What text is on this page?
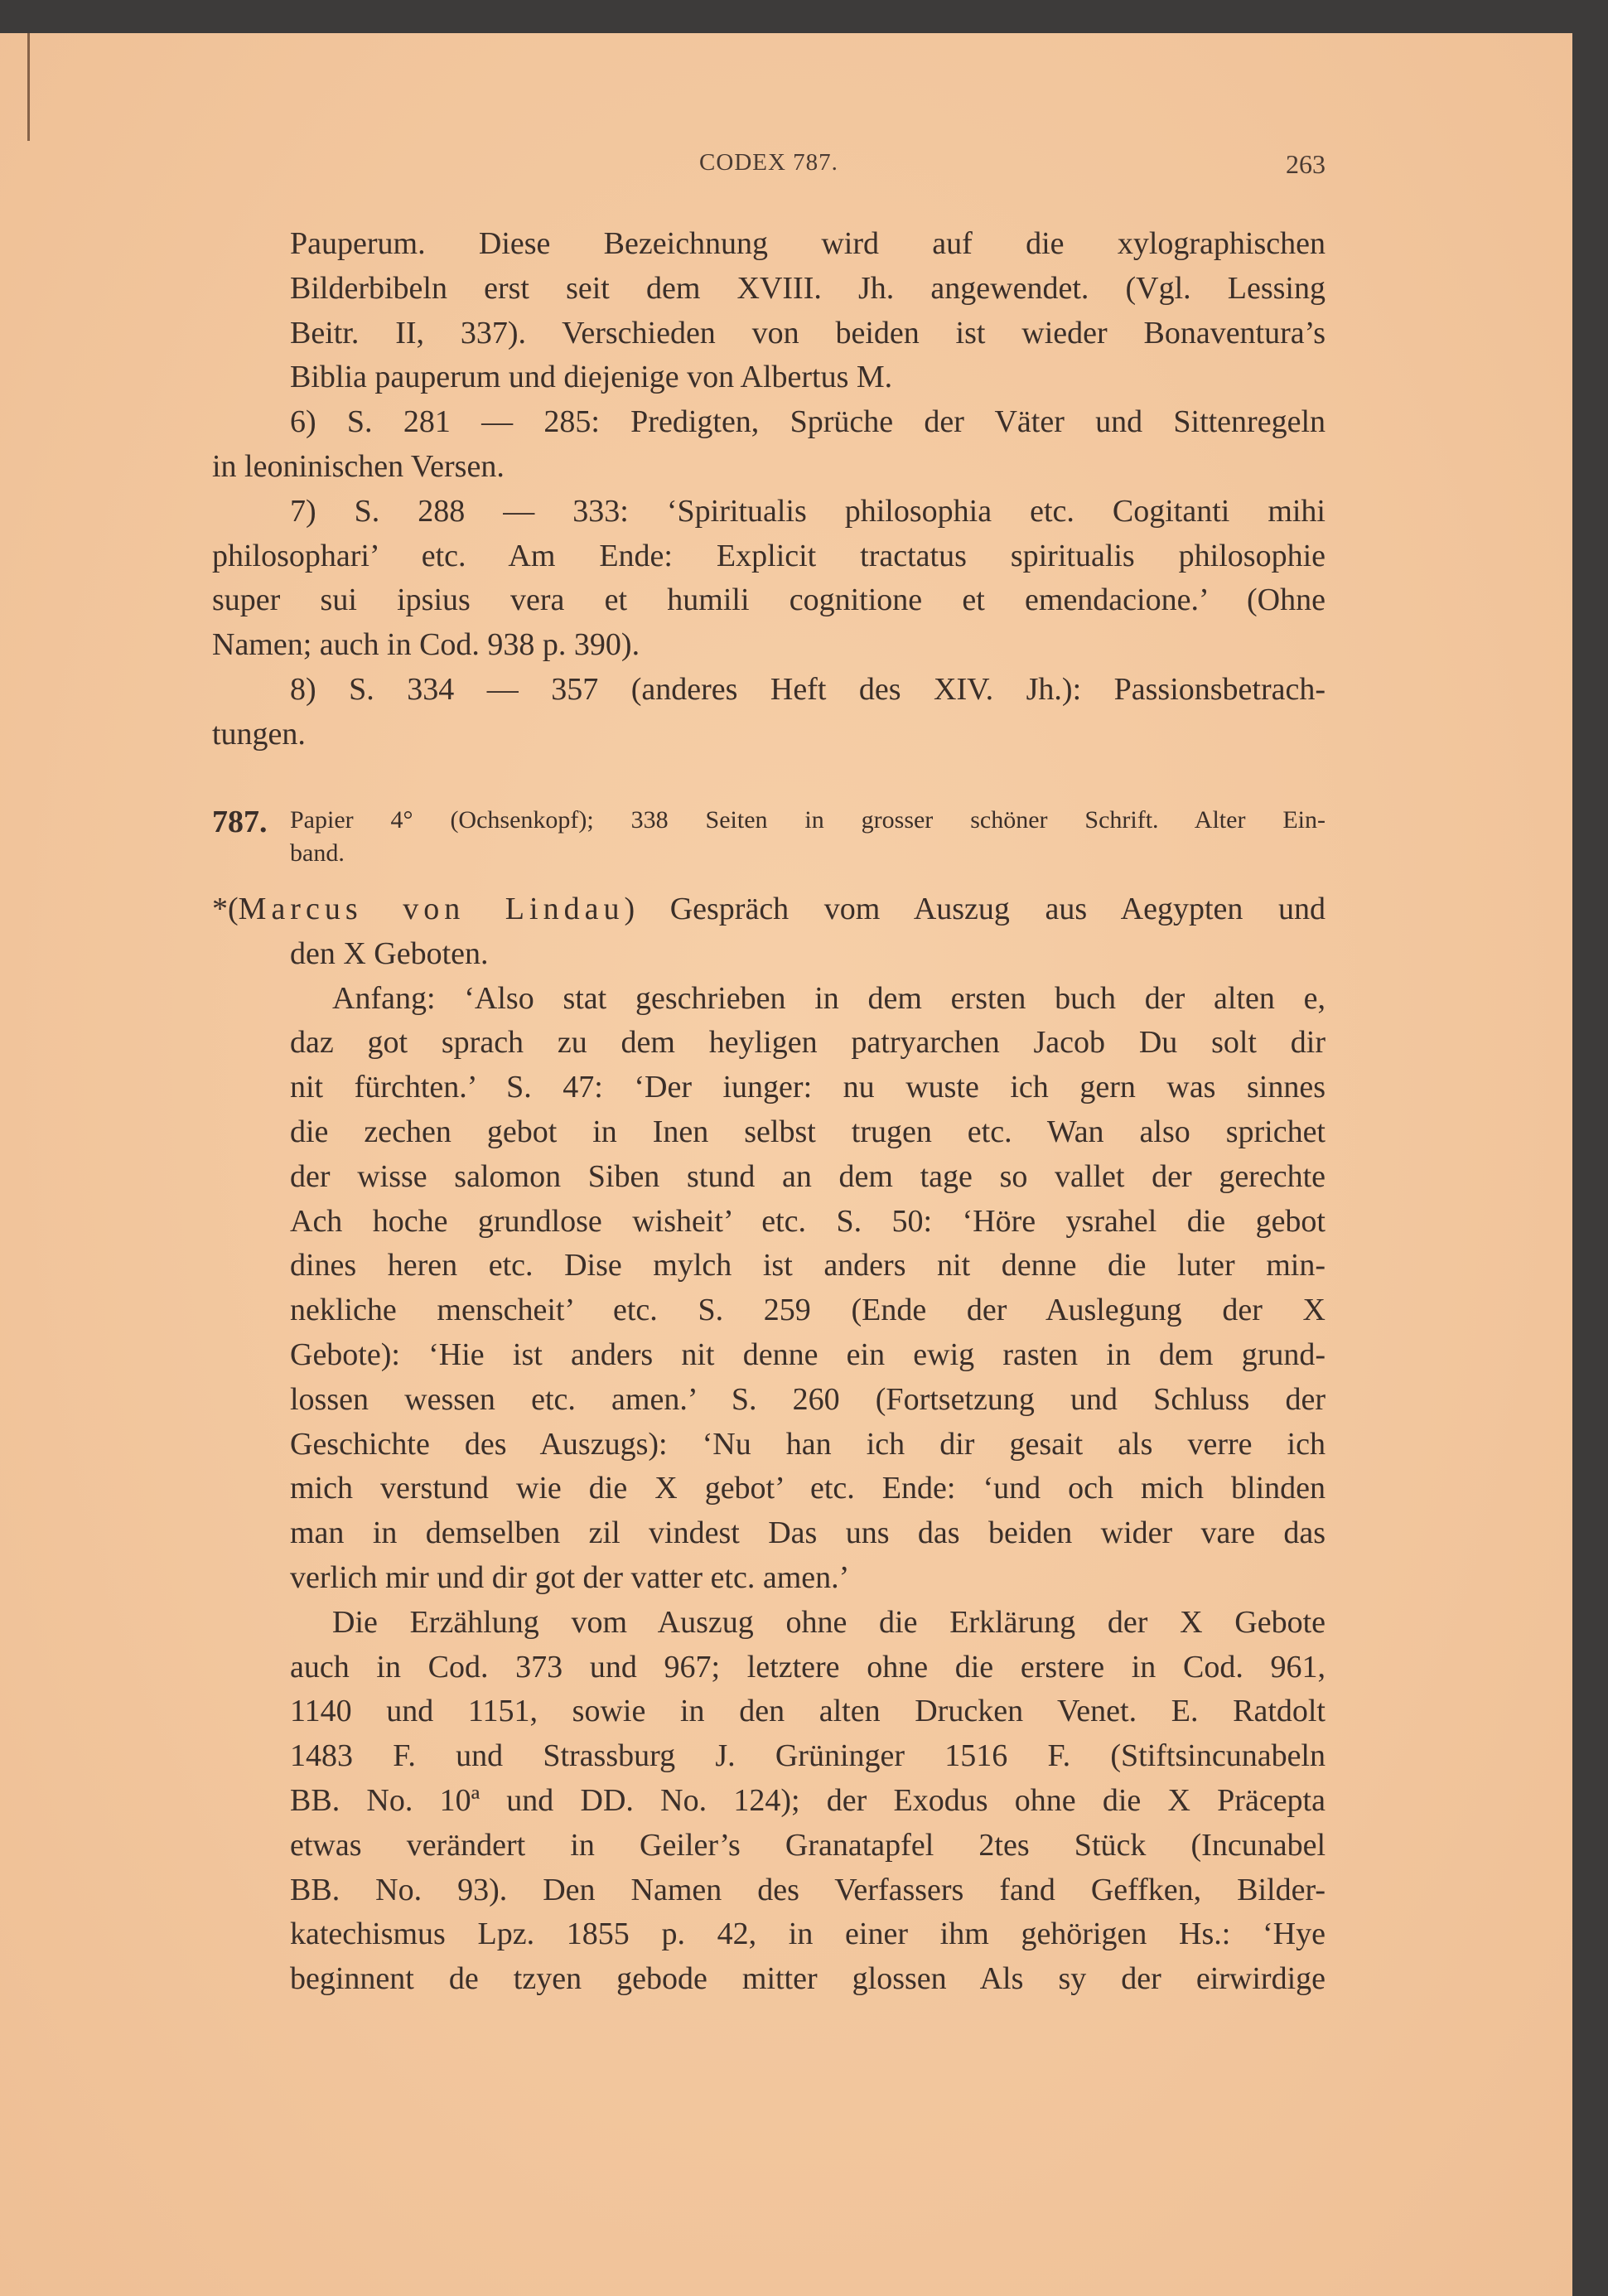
CODEX 787.	263
Pauperum. Diese Bezeichnung wird auf die xylographischen
Bilderbibeln erst seit dem XVIII. Jh. angewendet. (Vgl. Lessing
Beitr. II, 337). Verschieden von beiden ist wieder Bonaventura’s
Biblia pauperum und diejenige von Albertus M.
6) S. 281 — 285: Predigten, Sprüche der Väter und Sittenregeln
in leoninischen Versen.
7) S. 288 — 333: ‘Spiritualis philosophia etc. Cogitanti mihi
philosophari’ etc. Am Ende: Explicit tractatus spiritualis philosophie
super sui ipsius vera et humili cognitione et emendacione.’ (Ohne
Namen; auch in Cod. 938 p. 390).
8) S. 334 — 357 (anderes Heft des XIV. Jh.): Passionsbetrach-
tungen.
787. Papier 4° (Ochsenkopf); 338 Seiten in grosser schöner Schrift. Alter Ein-
band.
*(Marcus von Lindau) Gespräch vom Auszug aus Aegypten und
den X Geboten.
Anfang: ‘Also stat geschrieben in dem ersten buch der alten e,
daz got sprach zu dem heyligen patryarchen Jacob Du solt dir
nit fürchten.’ S. 47: ‘Der iunger: nu wuste ich gern was sinnes
die zechen gebot in Inen selbst trugen etc. Wan also sprichet
der wisse salomon Siben stund an dem tage so vallet der gerechte
Ach hoche grundlose wisheit’ etc. S. 50: ‘Höre ysrahel die gebot
dines heren etc. Dise mylch ist anders nit denne die luter min-
nekliche menscheit’ etc. S. 259 (Ende der Auslegung der X
Gebote): ‘Hie ist anders nit denne ein ewig rasten in dem grund-
lossen wessen etc. amen.’ S. 260 (Fortsetzung und Schluss der
Geschichte des Auszugs): ‘Nu han ich dir gesait als verre ich
mich verstund wie die X gebot’ etc. Ende: ‘und och mich blinden
man in demselben zil vindest Das uns das beiden wider vare das
verlich mir und dir got der vatter etc. amen.’
Die Erzählung vom Auszug ohne die Erklärung der X Gebote
auch in Cod. 373 und 967; letztere ohne die erstere in Cod. 961,
1140 und 1151, sowie in den alten Drucken Venet. E. Ratdolt
1483 F. und Strassburg J. Grüninger 1516 F. (Stiftsincunabeln
BB. No. 10ª und DD. No. 124); der Exodus ohne die X Präcepta
etwas verändert in Geiler’s Granatapfel 2tes Stück (Incunabel
BB. No. 93). Den Namen des Verfassers fand Geffken, Bilder-
katechismus Lpz. 1855 p. 42, in einer ihm gehörigen Hs.: ‘Hye
beginnent de tzyen gebode mitter glossen Als sy der eirwirdige
